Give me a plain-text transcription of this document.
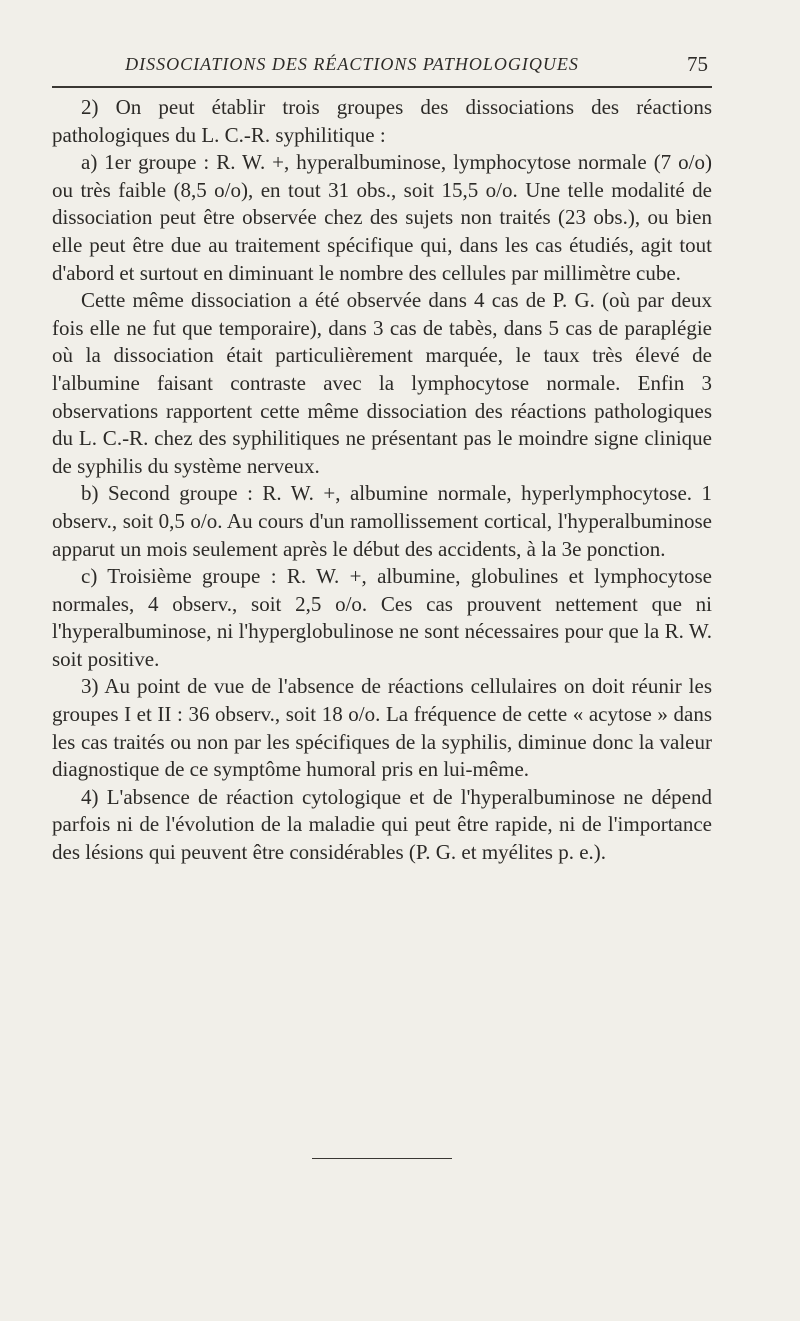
DISSOCIATIONS DES RÉACTIONS PATHOLOGIQUES	75

2) On peut établir trois groupes des dissociations des réactions pathologiques du L. C.-R. syphilitique :

a) 1er groupe : R. W. +, hyperalbuminose, lymphocytose normale (7 o/o) ou très faible (8,5 o/o), en tout 31 obs., soit 15,5 o/o. Une telle modalité de dissociation peut être observée chez des sujets non traités (23 obs.), ou bien elle peut être due au traitement spécifique qui, dans les cas étudiés, agit tout d'abord et surtout en diminuant le nombre des cellules par millimètre cube.

Cette même dissociation a été observée dans 4 cas de P. G. (où par deux fois elle ne fut que temporaire), dans 3 cas de tabès, dans 5 cas de paraplégie où la dissociation était particulièrement marquée, le taux très élevé de l'albumine faisant contraste avec la lymphocytose normale. Enfin 3 observations rapportent cette même dissociation des réactions pathologiques du L. C.-R. chez des syphilitiques ne présentant pas le moindre signe clinique de syphilis du système nerveux.

b) Second groupe : R. W. +, albumine normale, hyperlymphocytose. 1 observ., soit 0,5 o/o. Au cours d'un ramollissement cortical, l'hyperalbuminose apparut un mois seulement après le début des accidents, à la 3e ponction.

c) Troisième groupe : R. W. +, albumine, globulines et lymphocytose normales, 4 observ., soit 2,5 o/o. Ces cas prouvent nettement que ni l'hyperalbuminose, ni l'hyperglobulinose ne sont nécessaires pour que la R. W. soit positive.

3) Au point de vue de l'absence de réactions cellulaires on doit réunir les groupes I et II : 36 observ., soit 18 o/o. La fréquence de cette « acytose » dans les cas traités ou non par les spécifiques de la syphilis, diminue donc la valeur diagnostique de ce symptôme humoral pris en lui-même.

4) L'absence de réaction cytologique et de l'hyperalbuminose ne dépend parfois ni de l'évolution de la maladie qui peut être rapide, ni de l'importance des lésions qui peuvent être considérables (P. G. et myélites p. e.).
